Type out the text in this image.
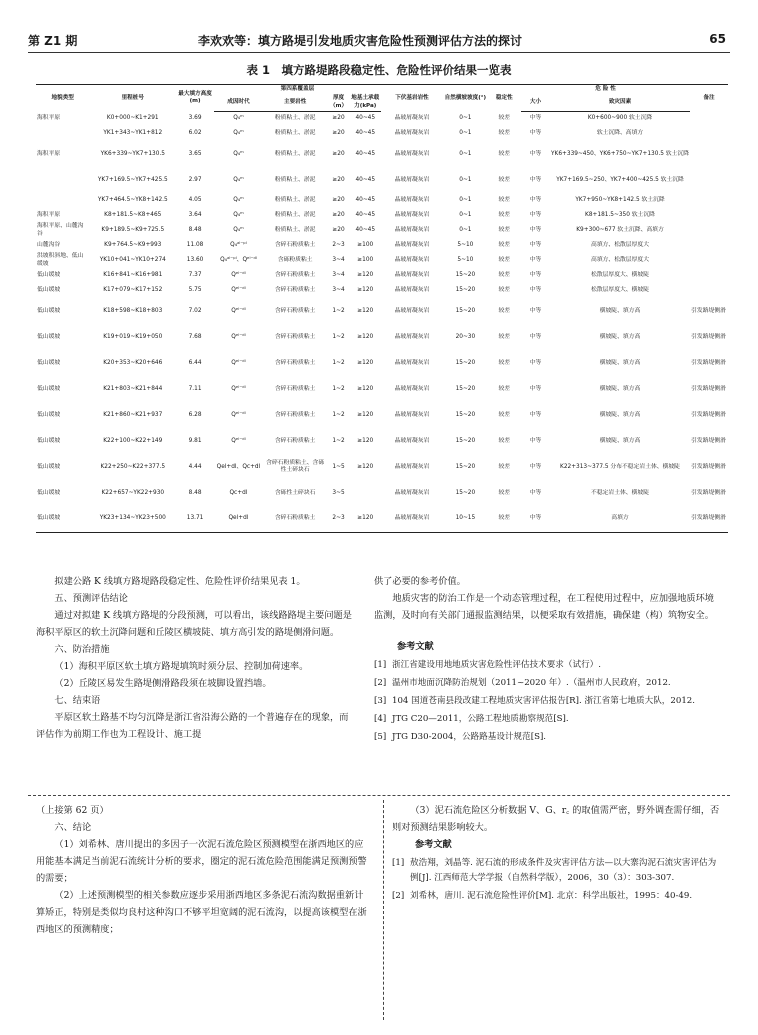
第 Z1 期	李欢欢等：填方路堤引发地质灾害危险性预测评估方法的探讨	65
表 1　填方路堤路段稳定性、危险性评价结果一览表
地貌类型	里程桩号	最大填方高度(m)	第四系覆盖层				下伏基岩岩性	自然横坡坡度(°)	稳定性	危 险 性		备注
			成因时代	主要岩性	厚度（m）	地基土承载力(kPa)				大小	致灾因素	
海积平原	K0+000~K1+291	3.69	Q₄ᵐ	粉质粘土、淤泥	≥20	40~45	晶玻屑凝灰岩	0~1	较差	中等	K0+600~900 软土沉降	
	YK1+343~YK1+812	6.02	Q₄ᵐ	粉质粘土、淤泥	≥20	40~45	晶玻屑凝灰岩	0~1	较差	中等	软土沉降、高填方	
海积平原	YK6+339~YK7+130.5	3.65	Q₄ᵐ	粉质粘土、淤泥	≥20	40~45	晶玻屑凝灰岩	0~1	较差	中等	YK6+339~450、YK6+750~YK7+130.5 软土沉降	
	YK7+169.5~YK7+425.5	2.97	Q₄ᵐ	粉质粘土、淤泥	≥20	40~45	晶玻屑凝灰岩	0~1	较差	中等	YK7+169.5~250、YK7+400~425.5 软土沉降	
	YK7+464.5~YK8+142.5	4.05	Q₄ᵐ	粉质粘土、淤泥	≥20	40~45	晶玻屑凝灰岩	0~1	较差	中等	YK7+950~YK8+142.5 软土沉降	
海积平原	K8+181.5~K8+465	3.64	Q₄ᵐ	粉质粘土、淤泥	≥20	40~45	晶玻屑凝灰岩	0~1	较差	中等	K8+181.5~350 软土沉降	
海积平原、山麓沟谷	K9+189.5~K9+725.5	8.48	Q₄ᵐ	粉质粘土、淤泥	≥20	40~45	晶玻屑凝灰岩	0~1	较差	中等	K9+300~677 软土沉降、高填方	
山麓沟谷	K9+764.5~K9+993	11.08	Q₄ᵃˡ⁻ᵖˡ	含碎石粉质粘土	2~3	≥100	晶玻屑凝灰岩	5~10	较差	中等	高填方、松散层厚度大	
洪坡积斜地、低山缓坡	YK10+041~YK10+274	13.60	Q₄ᵃˡ⁻ᵖˡ、Qᵉˡ⁻ᵈˡ	含砾粉质粘土	3~4	≥100	晶玻屑凝灰岩	5~10	较差	中等	高填方、松散层厚度大	
低山缓坡	K16+841~K16+981	7.37	Qᵉˡ⁻ᵈˡ	含碎石粉质粘土	3~4	≥120	晶玻屑凝灰岩	15~20	较差	中等	松散层厚度大、横坡陡	
低山缓坡	K17+079~K17+152	5.75	Qᵉˡ⁻ᵈˡ	含碎石粉质粘土	3~4	≥120	晶玻屑凝灰岩	15~20	较差	中等	松散层厚度大、横坡陡	
低山缓坡	K18+598~K18+803	7.02	Qᵉˡ⁻ᵈˡ	含碎石粉质粘土	1~2	≥120	晶玻屑凝灰岩	15~20	较差	中等	横坡陡、填方高	引发路堤侧滑
低山缓坡	K19+019~K19+050	7.68	Qᵉˡ⁻ᵈˡ	含碎石粉质粘土	1~2	≥120	晶玻屑凝灰岩	20~30	较差	中等	横坡陡、填方高	引发路堤侧滑
低山缓坡	K20+353~K20+646	6.44	Qᵉˡ⁻ᵈˡ	含碎石粉质粘土	1~2	≥120	晶玻屑凝灰岩	15~20	较差	中等	横坡陡、填方高	引发路堤侧滑
低山缓坡	K21+803~K21+844	7.11	Qᵉˡ⁻ᵈˡ	含碎石粉质粘土	1~2	≥120	晶玻屑凝灰岩	15~20	较差	中等	横坡陡、填方高	引发路堤侧滑
低山缓坡	K21+860~K21+937	6.28	Qᵉˡ⁻ᵈˡ	含碎石粉质粘土	1~2	≥120	晶玻屑凝灰岩	15~20	较差	中等	横坡陡、填方高	引发路堤侧滑
低山缓坡	K22+100~K22+149	9.81	Qᵉˡ⁻ᵈˡ	含碎石粉质粘土	1~2	≥120	晶玻屑凝灰岩	15~20	较差	中等	横坡陡、填方高	引发路堤侧滑
低山缓坡	K22+250~K22+377.5	4.44	Qel+dl、Qc+dl	含碎石粉质粘土、含砾性土碎块石	1~5	≥120	晶玻屑凝灰岩	15~20	较差	中等	K22+313~377.5 分布不稳定岩土体、横坡陡	引发路堤侧滑
低山缓坡	K22+657~YK22+930	8.48	Qc+dl	含砾性土碎块石	3~5		晶玻屑凝灰岩	15~20	较差	中等	不稳定岩土体、横坡陡	引发路堤侧滑
低山缓坡	YK23+134~YK23+500	13.71	Qel+dl	含碎石粉质粘土	2~3	≥120	晶玻屑凝灰岩	10~15	较差	中等	高填方	引发路堤侧滑

拟建公路 K 线填方路堤路段稳定性、危险性评价结果见表 1。

五、预测评估结论

通过对拟建 K 线填方路堤的分段预测，可以看出，该线路路堤主要问题是海积平原区的软土沉降问题和丘陵区横坡陡、填方高引发的路堤侧滑问题。

六、防治措施

（1）海积平原区软土填方路堤填筑时须分层、控制加荷速率。

（2）丘陵区易发生路堤侧滑路段须在坡脚设置挡墙。

七、结束语

平原区软土路基不均匀沉降是浙江省沿海公路的一个普遍存在的现象，而评估作为前期工作也为工程设计、施工提

供了必要的参考价值。

地质灾害的防治工作是一个动态管理过程，在工程使用过程中，应加强地质环境监测，及时向有关部门通报监测结果，以便采取有效措施，确保建（构）筑物安全。

参考文献

[1] 浙江省建设用地地质灾害危险性评估技术要求（试行）.
[2] 温州市地面沉降防治规划（2011~2020 年）.（温州市人民政府，2012.
[3] 104 国道苍南县段改建工程地质灾害评估报告[R]. 浙江省第七地质大队，2012.
[4] JTG C20—2011，公路工程地质勘察规范[S].
[5] JTG D30-2004，公路路基设计规范[S].

（上接第 62 页）

六、结论

（1）刘希林、唐川提出的多因子一次泥石流危险区预测模型在浙西地区的应用能基本满足当前泥石流统计分析的要求，圈定的泥石流危险范围能满足预测预警的需要；

（2）上述预测模型的相关参数应逐步采用浙西地区多条泥石流沟数据重新计算矫正，特别是类似均良村这种沟口不够平坦宽阔的泥石流沟，以提高该模型在浙西地区的预测精度；

（3）泥石流危险区分析数据 V、G、r꜀ 的取值需严密，野外调查需仔细，否则对预测结果影响较大。

参考文献

[1] 敖浩翔，刘晶等. 泥石流的形成条件及灾害评估方法—以大寨沟泥石流灾害评估为例[J]. 江西师范大学学报（自然科学版），2006，30（3）：303-307.
[2] 刘希林，唐川. 泥石流危险性评价[M]. 北京：科学出版社，1995：40-49.
